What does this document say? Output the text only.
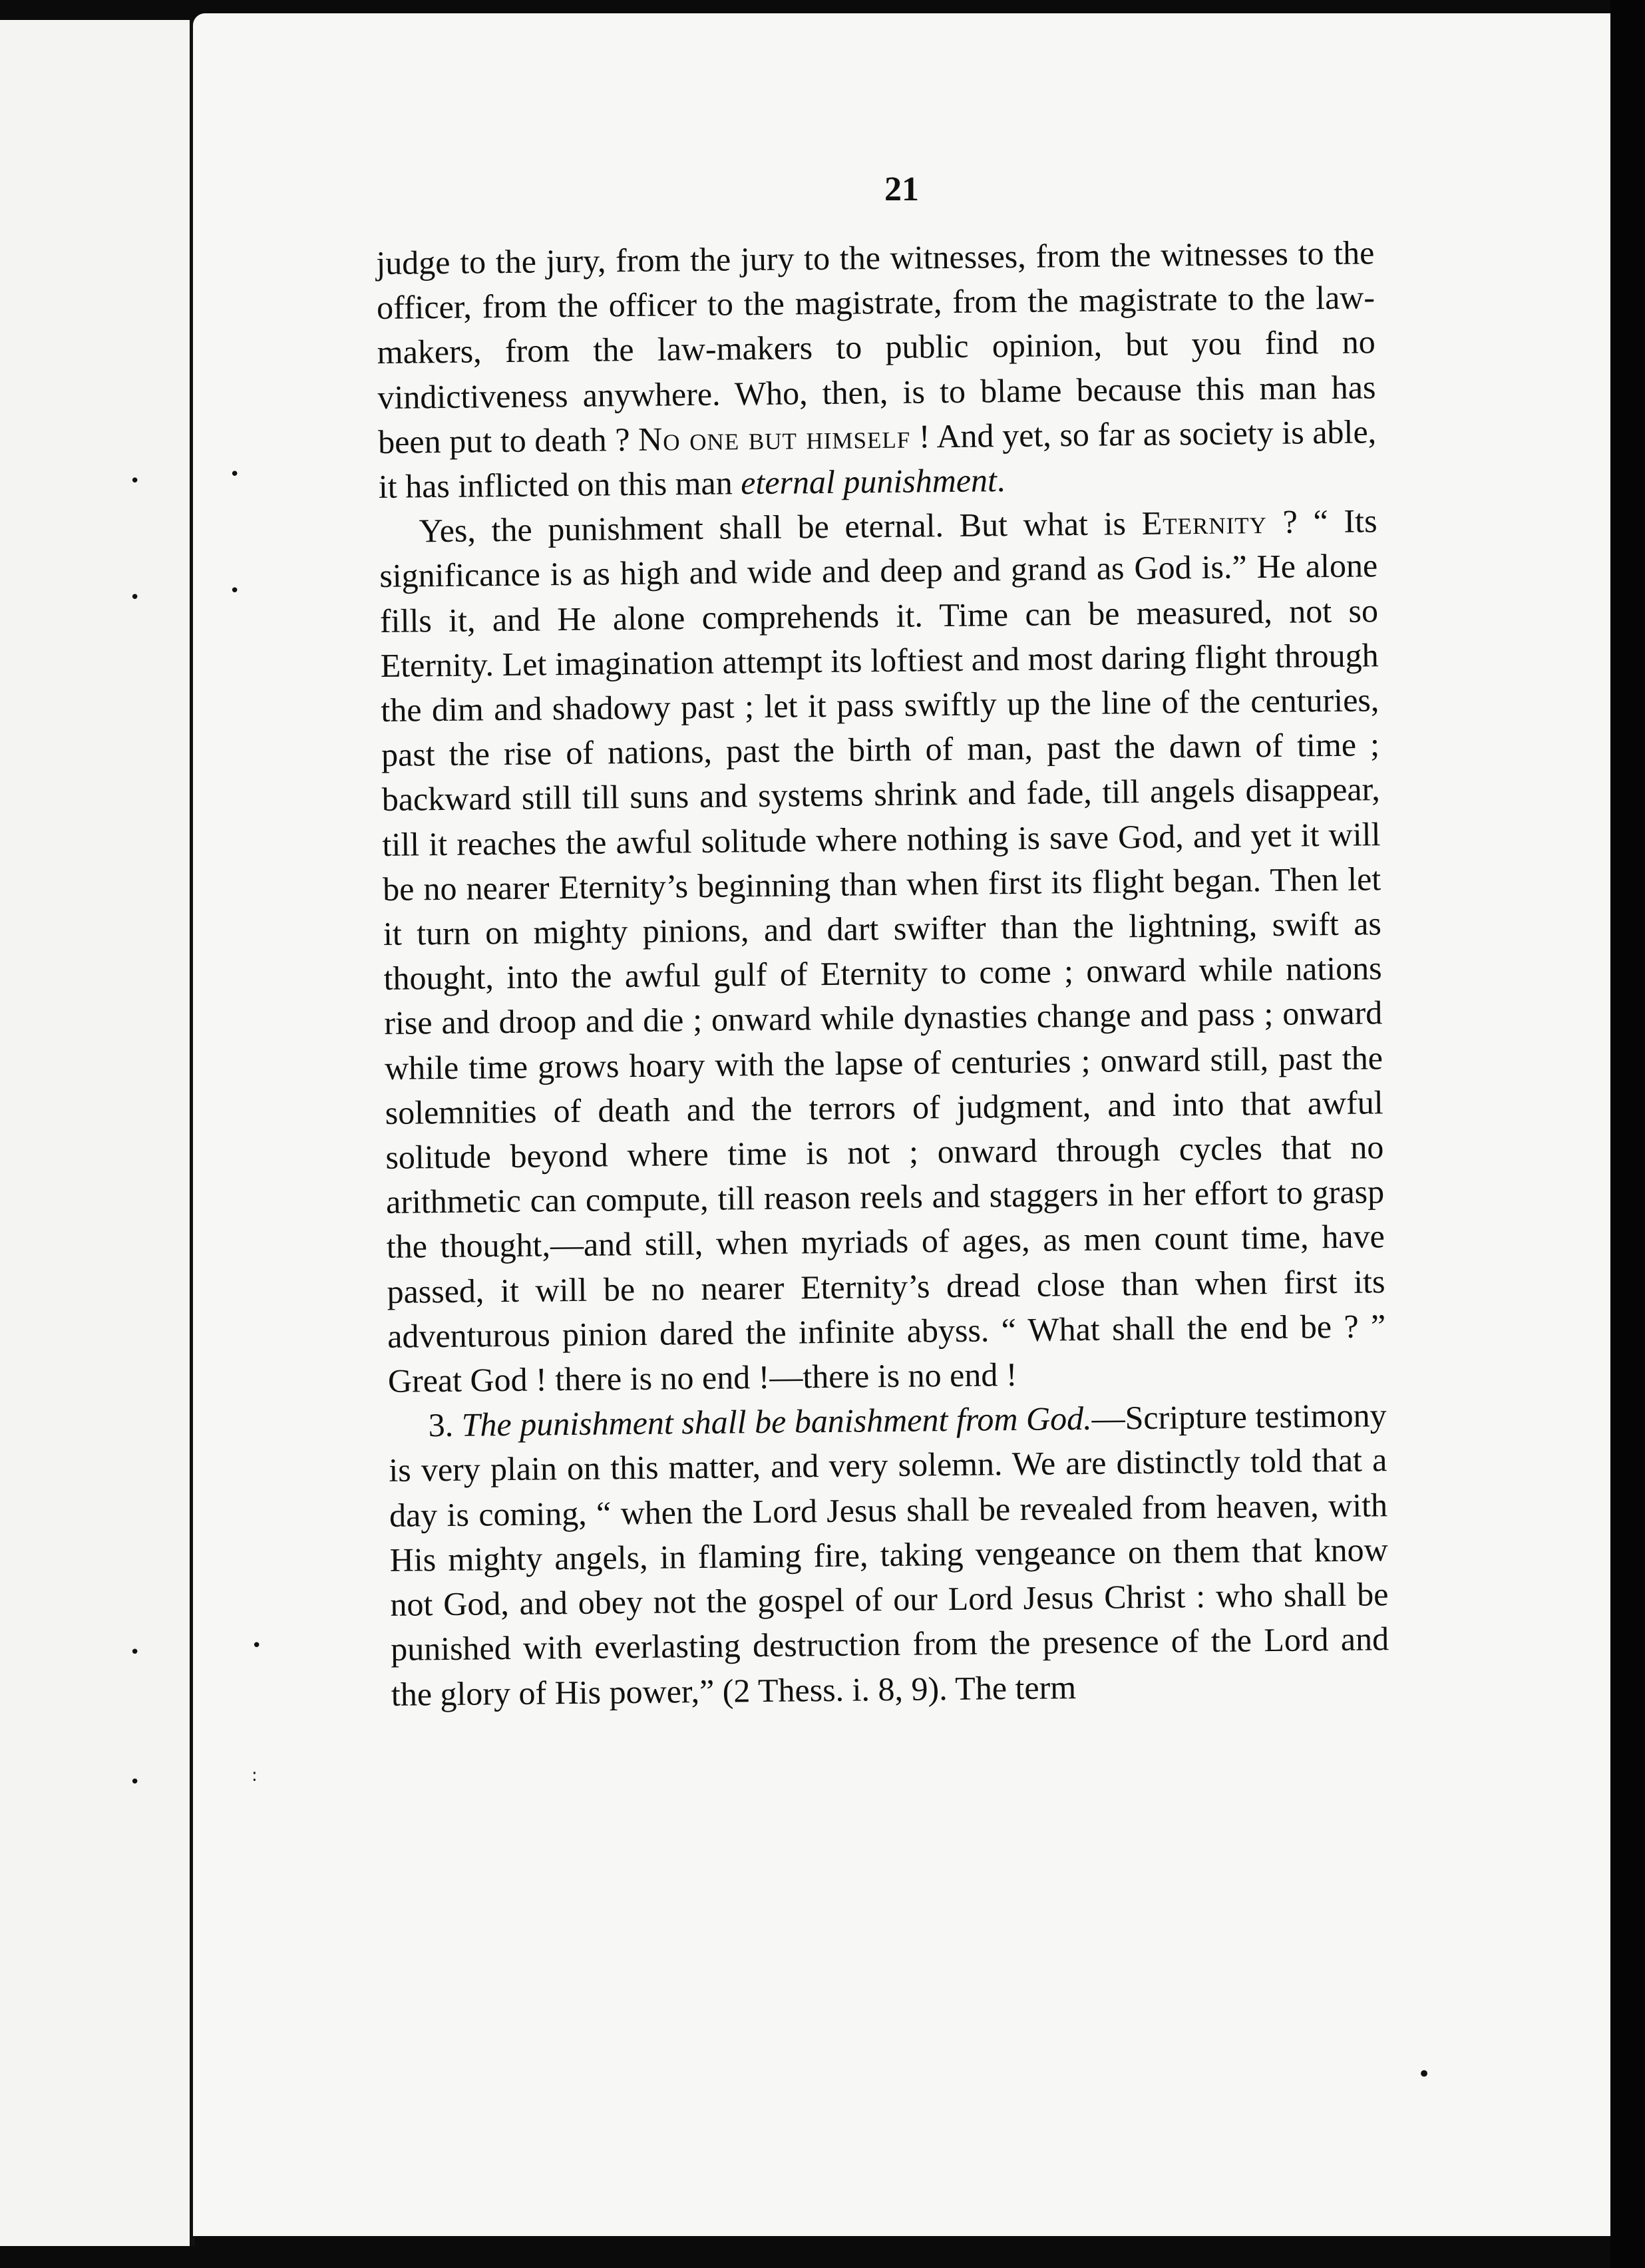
•
•
•
•
•
•
•
:
•
21

judge to the jury, from the jury to the witnesses, from the witnesses to the officer, from the officer to the magistrate, from the magistrate to the law-makers, from the law-makers to public opinion, but you find no vindictiveness anywhere. Who, then, is to blame because this man has been put to death ? No one but himself ! And yet, so far as society is able, it has inflicted on this man eternal punishment.

Yes, the punishment shall be eternal. But what is Eternity ? “ Its significance is as high and wide and deep and grand as God is.” He alone fills it, and He alone comprehends it. Time can be measured, not so Eternity. Let imagination attempt its loftiest and most daring flight through the dim and shadowy past ; let it pass swiftly up the line of the centuries, past the rise of nations, past the birth of man, past the dawn of time ; backward still till suns and systems shrink and fade, till angels disappear, till it reaches the awful solitude where nothing is save God, and yet it will be no nearer Eternity’s beginning than when first its flight began. Then let it turn on mighty pinions, and dart swifter than the lightning, swift as thought, into the awful gulf of Eternity to come ; onward while nations rise and droop and die ; onward while dynasties change and pass ; onward while time grows hoary with the lapse of centuries ; onward still, past the solemnities of death and the terrors of judgment, and into that awful solitude beyond where time is not ; onward through cycles that no arithmetic can compute, till reason reels and staggers in her effort to grasp the thought,—and still, when myriads of ages, as men count time, have passed, it will be no nearer Eternity’s dread close than when first its adventurous pinion dared the infinite abyss. “ What shall the end be ? ” Great God ! there is no end !—there is no end !

3. The punishment shall be banishment from God.—Scripture testimony is very plain on this matter, and very solemn. We are distinctly told that a day is coming, “ when the Lord Jesus shall be revealed from heaven, with His mighty angels, in flaming fire, taking vengeance on them that know not God, and obey not the gospel of our Lord Jesus Christ : who shall be punished with everlasting destruction from the presence of the Lord and the glory of His power,” (2 Thess. i. 8, 9). The term
